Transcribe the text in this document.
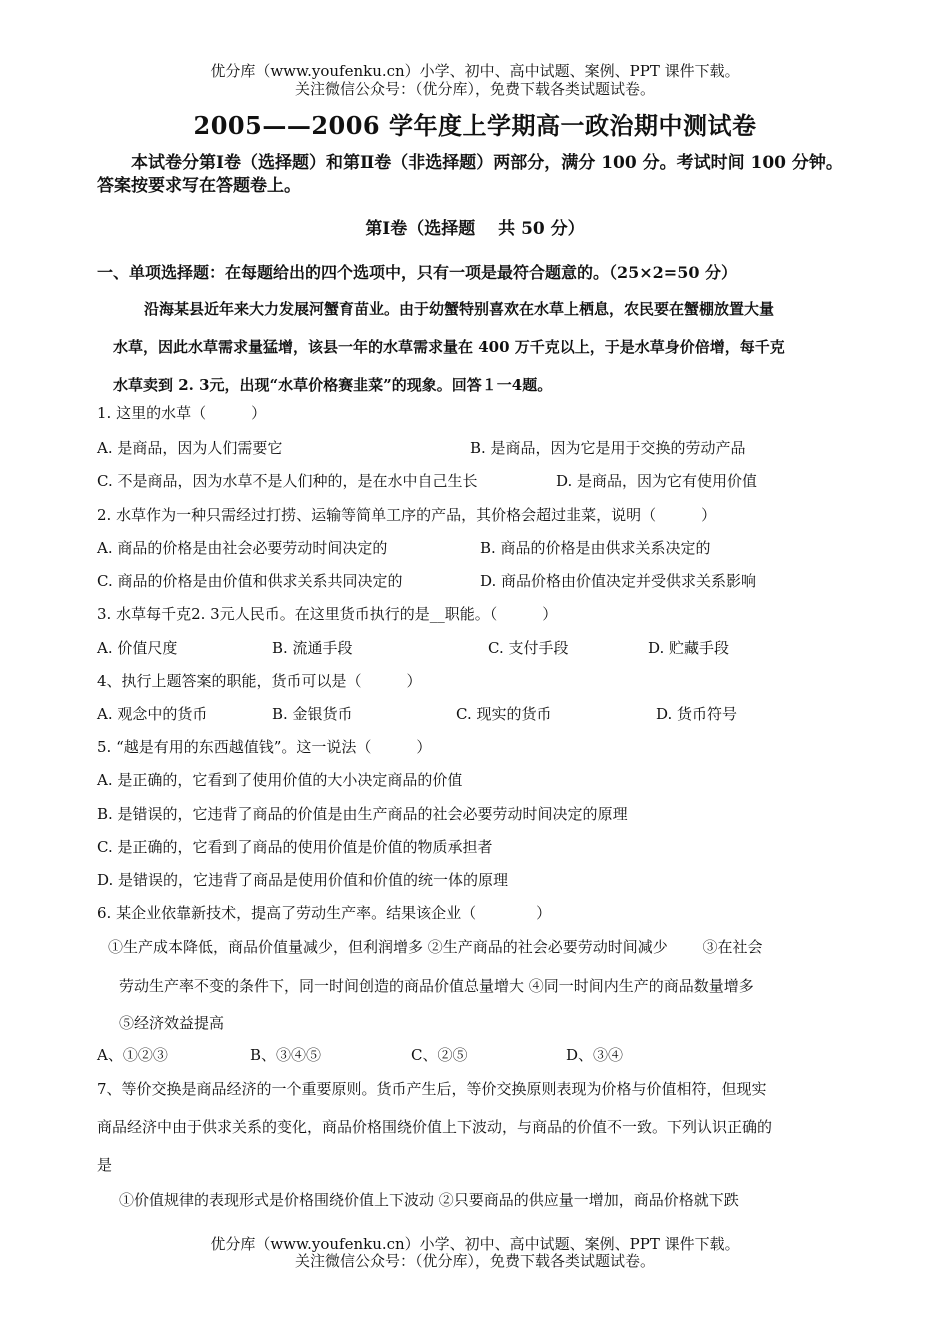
优分库（www.youfenku.cn）小学、初中、高中试题、案例、PPT 课件下载。
关注微信公众号：（优分库），免费下载各类试题试卷。
2005——2006 学年度上学期高一政治期中测试卷
本试卷分第Ⅰ卷（选择题）和第Ⅱ卷（非选择题）两部分，满分 100 分。考试时间 100 分钟。答案按要求写在答题卷上。
第Ⅰ卷（选择题　 共 50 分）
一、单项选择题：在每题给出的四个选项中，只有一项是最符合题意的。（25×2=50 分）
沿海某县近年来大力发展河蟹育苗业。由于幼蟹特别喜欢在水草上栖息，农民要在蟹棚放置大量
水草，因此水草需求量猛增，该县一年的水草需求量在 400 万千克以上，于是水草身价倍增，每千克
水草卖到 2. 3元，出现“水草价格赛韭菜”的现象。回答１一4题。
1. 这里的水草（　　　）
A. 是商品，因为人们需要它	B. 是商品，因为它是用于交换的劳动产品
C. 不是商品，因为水草不是人们种的，是在水中自己生长	D. 是商品，因为它有使用价值
2. 水草作为一种只需经过打捞、运输等简单工序的产品，其价格会超过韭菜，说明（　　　）
A. 商品的价格是由社会必要劳动时间决定的	B. 商品的价格是由供求关系决定的
C. 商品的价格是由价值和供求关系共同决定的	D. 商品价格由价值决定并受供求关系影响
3. 水草每千克2. 3元人民币。在这里货币执行的是__职能。（　　　）
A. 价值尺度	B. 流通手段	C. 支付手段	D. 贮藏手段
4、执行上题答案的职能，货币可以是（　　　）
A. 观念中的货币	B. 金银货币	C. 现实的货币	D. 货币符号
5. “越是有用的东西越值钱”。这一说法（　　　）
A. 是正确的，它看到了使用价值的大小决定商品的价值
B. 是错误的，它违背了商品的价值是由生产商品的社会必要劳动时间决定的原理
C. 是正确的，它看到了商品的使用价值是价值的物质承担者
D. 是错误的，它违背了商品是使用价值和价值的统一体的原理
6. 某企业依靠新技术，提高了劳动生产率。结果该企业（　　　　）
①生产成本降低，商品价值量减少，但利润增多 ②生产商品的社会必要劳动时间减少　　 ③在社会
劳动生产率不变的条件下，同一时间创造的商品价值总量增大 ④同一时间内生产的商品数量增多
⑤经济效益提高
A、①②③	B、③④⑤	C、②⑤	D、③④
7、等价交换是商品经济的一个重要原则。货币产生后，等价交换原则表现为价格与价值相符，但现实
商品经济中由于供求关系的变化，商品价格围绕价值上下波动，与商品的价值不一致。下列认识正确的
是
①价值规律的表现形式是价格围绕价值上下波动 ②只要商品的供应量一增加，商品价格就下跌
优分库（www.youfenku.cn）小学、初中、高中试题、案例、PPT 课件下载。
关注微信公众号：（优分库），免费下载各类试题试卷。
